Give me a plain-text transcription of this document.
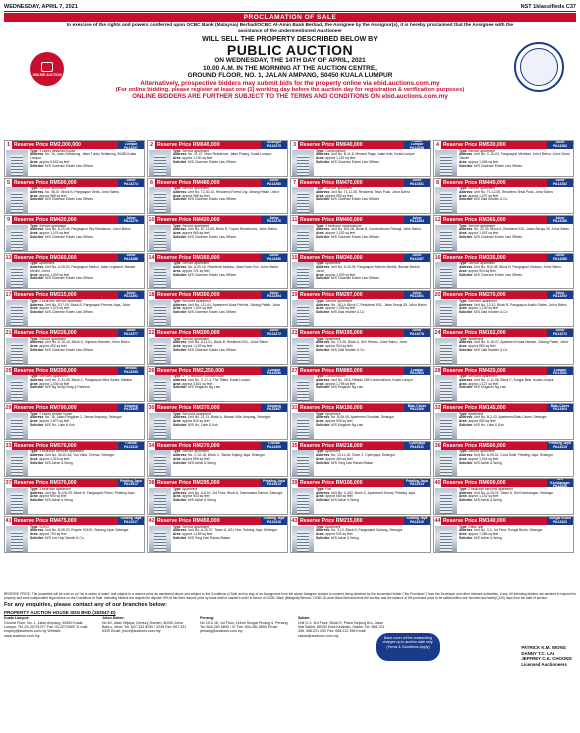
WEDNESDAY, APRIL 7, 2021	NST 1klassifieds C37
PROCLAMATION OF SALE
ONLINE AUCTION
In exercise of the rights and powers conferred upon OCBC Bank (Malaysia) Berhad/OCBC Al-Amin Bank Berhad, the Assignee by the Assignor(s), it is hereby proclaimed that the Assignee with the assistance of the undermentioned Auctioneer
WILL SELL THE PROPERTY DESCRIBED BELOW BY
PUBLIC AUCTION
ON WEDNESDAY, THE 14TH DAY OF APRIL, 2021
10.00 A.M. IN THE MORNING AT THE AUCTION CENTRE,
GROUND FLOOR, NO. 1, JALAN AMPANG, 50450 KUALA LUMPUR
Alternatively, prospective bidders may submit bids for the property online via ebid.auctions.com.my
(For online bidding, please register at least one (1) working day before the auction day for registration & verification purposes)
ONLINE BIDDERS ARE FURTHER SUBJECT TO THE TERMS AND CONDITIONS ON ebid.auctions.com.my
1 Reserve Price RM2,000,000
Kuala Lumpur PA13297
Type: 3 storey detached house
Address: No. 16, Jalan Setiabong, Jalan Tunku Setiabong, 50480 Kuala Lumpur
Area: approx 8,942 sq feet
Solicitor: M/S Clarence Edwin Law Offices
2 Reserve Price RM640,000	Selangor PA13279
Type: Service apartment
Address: No. 21-07, Marc Residence, Jalan Pinang, Kuala Lumpur
Area: approx 1,190 sq feet
Solicitor: M/S Clarence Edwin Law Offices
3 Reserve Price RM640,000
Kuala Lumpur PA13298
Type: Condominium
Address: Unit No. B-11-8, Menara Tiaga, Jalan Imbi, Kuala Lumpur
Area: approx 1,292 sq feet
Solicitor: M/S Clarence Edwin Law Offices
4 Reserve Price RM530,000	Johor PA13283
Type: Service apartment
Address: Unit No. C-15-03, Pangsapuri Meridian, Johor Bahru, Johor Darul Takzim
Area: approx 1,066 sq feet
Solicitor: M/S Clarence Edwin Law Offices
5 Reserve Price RM500,000	Johor PA13274
Type: Service apartment
Address: No. 08-07, Block B, Pangsapuri Setia, Johor Bahru
Area: approx 988 sq feet
Solicitor: M/S Clarence Edwin Law Offices
6 Reserve Price RM480,000	Johor PA13280
Type: Service apartment
Address: Unit No. T2-30-10, Residensi Forest City, Gelang Patah, Johor
Area: approx 968 sq feet
Solicitor: M/S Clarence Edwin Law Offices
7 Reserve Price RM470,000	Johor PA13281
Type: Service apartment
Address: Unit No. T1-11-08, Residensi Teluk Pulai, Johor Bahru
Area: approx 950 sq feet
Solicitor: M/S Clarence Edwin Law Offices
8 Reserve Price RM440,000	Johor PA13282
Type: Service apartment
Address: Unit No. T1-12-06, Residensi Teluk Pulai, Johor Bahru
Area: approx 1,207 sq feet
Solicitor: M/S Zaid Ibrahim & Co
9 Reserve Price RM420,000	Johor PA13275
Type: Service apartment
Address: Unit No. A-29-08, Pangsapuri Sky Residence, Johor Bahru
Area: approx 1,076 sq feet
Solicitor: M/S Clarence Edwin Law Offices
10 Reserve Price RM420,000	Johor PA13276
Type: Service apartment
Address: Unit No. 87-13-06, Block B, Tropez Residences, Johor Bahru
Area: approx 969 sq feet
Solicitor: M/S Clarence Edwin Law Offices
11 Reserve Price RM400,000	Johor PA13284
Type: 3 bedroom condominium
Address: Unit No. 801-08, Block B, Condominium Pelangi, Johor Bahru
Area: approx 1,292 sq feet
Solicitor: M/S Clarence Edwin Law Offices
12 Reserve Price RM365,000	Johor PA13285
Type: Service apartment
Address: No. 22-09, Block A, Residensi KSL, Jalan Seroja 39, Johor Bahru
Area: approx 1,097 sq feet
Solicitor: M/S Clarence Edwin Law Offices
13 Reserve Price RM360,000	Johor PA13288
Type: Apartment
Address: Unit No. A-09-03, Pangsapuri Medini, Jalan Legoland, Bandar Medini, Johor
Area: approx 1,009 sq feet
Solicitor: M/S Clarence Edwin Law Offices
14 Reserve Price RM350,000	Johor PA13290
Type: Service apartment
Address: No. A-09-15, Residensi Mutiara, Jalan Dato Onn, Johor Bahru
Area: approx 721 sq feet
Solicitor: M/S Clarence Edwin Law Offices
15 Reserve Price RM340,000	Johor PA13287
Type: Apartment
Address: Unit No. A-32-05, Pangsapuri Meridin Medini, Bandar Medini, Johor
Area: approx 1,009 sq feet
Solicitor: M/S Clarence Edwin Law Offices
16 Reserve Price RM335,000	Johor PA13289
Type: Service apartment
Address: Unit No. B10-08, Block B, Pangsapuri Dedaun, Johor Bahru
Area: approx 904 sq feet
Solicitor: M/S Clarence Edwin Law Offices
17 Reserve Price RM315,000	Johor PA13291
Type: 2 bedroom service apartment
Address: Unit No. R17-09, Block B, Pangsapuri Permas Jaya, Johor
Area: approx 1,076 sq feet
Solicitor: M/S Clarence Edwin Law Offices
18 Reserve Price RM300,000	Johor PA13294
Type: Serviced apartment
Address: Unit No. L11-04, Apartment Nusa Perintis, Gelang Patah, Johor
Area: approx 1,004 sq feet
Solicitor: M/S Clarence Edwin Law Offices
19 Reserve Price RM297,000	Johor PA13301
Type: Service apartment
Address: No. 18-14, Block C, Residensi KSL, Jalan Seroja 39, Johor Bahru
Area: approx 1,096 sq feet
Solicitor: M/S Zaid Ibrahim & Co
20 Reserve Price RM270,000	Johor PA13292
Type: Serviced apartment
Address: Unit No. 12-12, Block B, Pangsapuri Austin Suites, Johor Bahru
Area: approx 1,130 sq feet
Solicitor: M/S Zaid Ibrahim & Co
21 Reserve Price RM226,000	Johor PA13277
Type: Service apartment
Address: Unit No. D-16-15, Block D, Impiana Seaview, Johor Bahru
Area: approx 452 sq feet
Solicitor: M/S Clarence Edwin Law Offices
22 Reserve Price RM200,000	Johor PA13272
Type: Service apartment
Address: Unit No. 8-11-01, Block B, Residensi KSL, Johor Bahru
Area: approx 1,109 sq feet
Solicitor: M/S Clarence Edwin Law Offices
23 Reserve Price RM195,000	Johor PA13278
Type: Apartment
Address: No. C2-06, Block A, Seri Tebrau, Johor Bahru, Johor
Area: approx 904 sq feet
Solicitor: M/S Zaid Ibrahim & Co
24 Reserve Price RM162,000	Johor PA13273
Type: Apartment
Address: Unit No. D-15-07, Apartment Nusa Idaman, Gelang Patah, Johor
Area: approx 850 sq feet
Solicitor: M/S Zaid Ibrahim & Co
25 Reserve Price RM350,000	Melaka PA13295
Type: Serviced apartment
Address: Unit No. C-31-05, Block C, Pangsapuri Wira Suites, Melaka
Area: approx 1,036 sq feet
Solicitor: M/S Ng Seng Hong & Partners
26 Reserve Price RM2,250,000
Kuala Lumpur PA13296
Type: 4 + 1 bedroom condominium
Address: Unit No. C-17-1, The Tiffani, Kuala Lumpur
Area: approx 3,831 sq feet
Solicitor: M/S Kingdom Ng Law
27 Reserve Price RM880,000
Kuala Lumpur PA13303
Type: Condominium
Address: Unit No. 28-8, Hillside 238 Condominium, Kuala Lumpur
Area: approx 1,798 sq feet
Solicitor: M/S Kingdom Ng Law
28 Reserve Price RM420,000
Kuala Lumpur PA13302
Type: Serviced apartment
Address: Unit No. C-11-08, Block C, Sungai Besi, Kuala Lumpur
Area: approx 1,127 sq feet
Solicitor: M/S Kingdom Ng Law
29 Reserve Price RM700,000	Ampang PA13305
Type: 2 storey terrace house
Address: No. 18, Jalan Pinggiran 2, Taman Ampang, Selangor
Area: approx 1,670 sq feet
Solicitor: M/S Ho, Loke & Koh
30 Reserve Price RM370,000	Ampang PA13307
Type: Serviced apartment
Address: Unit No. 21-11, Block A, Mewah Villa, Ampang, Selangor
Area: approx 840 sq feet
Solicitor: M/S Ho, Loke & Koh
31 Reserve Price RM190,000	Batu Caves PA13306
Type: Apartment
Address: No. B-06-05, Apartment Gombak, Selangor
Area: approx 909 sq feet
Solicitor: M/S Kingdom Ng Law
32 Reserve Price RM145,000	Batu Caves PA13304
Type: Apartment
Address: Unit No. B-2-03, Apartment Batu Caves, Selangor
Area: approx 850 sq feet
Solicitor: M/S Ho, Loke & Koh
33 Reserve Price RM576,000	Cheras PA13310
Type: 3 bedroom serviced apartment
Address: Unit No. 35-20-3A, You Vista, Cheras, Selangor
Area: approx 1,216 sq feet
Solicitor: M/S Azhar & Wong
34 Reserve Price RM270,000	Cheras PA13309
Type: Service apartment
Address: No. C-02-18, Block C, Taman Kajang Jaya, Selangor
Area: approx 898 sq feet
Solicitor: M/S Azhar & Wong
35 Reserve Price RM218,000	Cyberjaya PA13311
Type: Apartment
Address: No. 13-11-18, Tower 2, Cyberjaya, Selangor
Area: approx 484 sq feet
Solicitor: M/S Yong Dan Rakan-Rakan
36 Reserve Price RM500,000	Petaling Jaya PA13315
Type: Service apartment
Address: Unit No. A-09-02, Cova Suite, Petaling Jaya, Selangor
Area: approx 1,044 sq feet
Solicitor: M/S Azhar & Wong
37 Reserve Price RM370,000	Petaling Jaya PA13312
Type: 3 bedroom apartment
Address: Unit No. B-12A-09, Block B, Pangsapuri Puteri, Petaling Jaya
Area: approx 990 sq feet
Solicitor: M/S Azhar & Wong
38 Reserve Price RM295,000	Petaling Jaya PA13313
Type: Apartment
Address: Unit No. A-5-02, 3rd Floor, Block A, Damansara Damai, Selangor
Area: approx 903 sq feet
Solicitor: M/S Azhar & Wong
39 Reserve Price RM100,000	Petaling Jaya PA13314
Type: Flat
Address: Unit No. C-402, Block C, Apartment Damai, Petaling Jaya
Area: approx 650 sq feet
Solicitor: M/S Azhar & Wong
40 Reserve Price RM600,000
Seri Kembangan PA13316
Type: 2 bedroom serviced apartment
Address: Unit No. A-20-02, Tower A, Seri Kembangan, Selangor
Area: approx 1,152 sq feet
Solicitor: M/S Azhar & Wong
41 Reserve Price RM475,000	Subang Jaya PA13317
Type: SOHO
Address: Unit No. B-08-20, Empire SOHO, Subang Jaya, Selangor
Area: approx 753 sq feet
Solicitor: M/S Lee Hup Sakdin & Co
42 Reserve Price RM450,000	Subang Jaya PA13318
Type: Service apartment
Address: Unit No. A-20-07, Tower A, USJ One, Subang Jaya, Selangor
Area: approx 1,165 sq feet
Solicitor: M/S Yong Dan Rakan-Rakan
43 Reserve Price RM215,000	Subang Jaya PA13319
Type: Apartment
Address: No. 3-10, Block B, Pangsapuri Subang, Selangor
Area: approx 925 sq feet
Solicitor: M/S Azhar & Wong
44 Reserve Price RM140,000	Sungai Buloh PA13320
Type: Office unit
Address: Unit No. 3-3, 1st Floor, Sungai Buloh, Selangor
Area: approx 1,366 sq feet
Solicitor: M/S Azhar & Wong
RESERVE PRICE: The properties will be sold on an "as is where is basis" and subject to a reserve price as mentioned above and subject to the Conditions of Sale and by way of an Assignment from the above Assignee subject to consent being obtained by the successful bidder ("the Purchaser") from the Developer and other relevant authorities, if any. All intending bidders are advised to inspect the property and seek independent legal advice on the Conditions of Sale. Intending bidders are required to deposit 10% of the fixed reserve price by bank draft or cashier's order in favour of OCBC Bank (Malaysia) Berhad / OCBC Al-Amin Bank Berhad before the auction and the balance of the purchase price to be settled within one hundred and twenty (120) days from the date of auction.
For any enquiries, please contact any of our branches below:
PROPERTY AUCTION HOUSE SDN BHD (182547-D)
Kuala Lumpur:
Ground Floor, No. 1, Jalan Ampang, 50450 Kuala Lumpur. Tel: 03-20721077 Fax: 03-20729897 E-mail: enquiry@auctions.com.my Website: www.auctions.com.my
Johor Bahru:
No 60, Jalan Wijaya, Century Garden, 80250 Johor Bahru, Johor. Tel: 607-333 8200 / 3226 Fax: 607-331 6330 Email: johor@auctions.com.my
Penang:
No 15 & 16, 1st Floor, Lebuh Sungai Pinang 5, Penang. Tel: 604-282 6800 / 37 Fax: 604-282 6550 Email: penang@auctions.com.my
Sabah:
Unit G-3, 3rd Floor, Block E, Plaza Tanjung Aru, Jalan Mat Salleh, 88150 Kota Kinabalu, Sabah. Tel: 088-221 396, 088-221 252 Fax: 088-212 396 Email: sabah@auctions.com.my
Bank cover all the outstanding charges up to auction date only. (Terms & Conditions Apply)	PATRICK K.M. WONG
DANNY T.C. LAI
JEFFREY C.K. CHOONG
Licensed Auctioneers
